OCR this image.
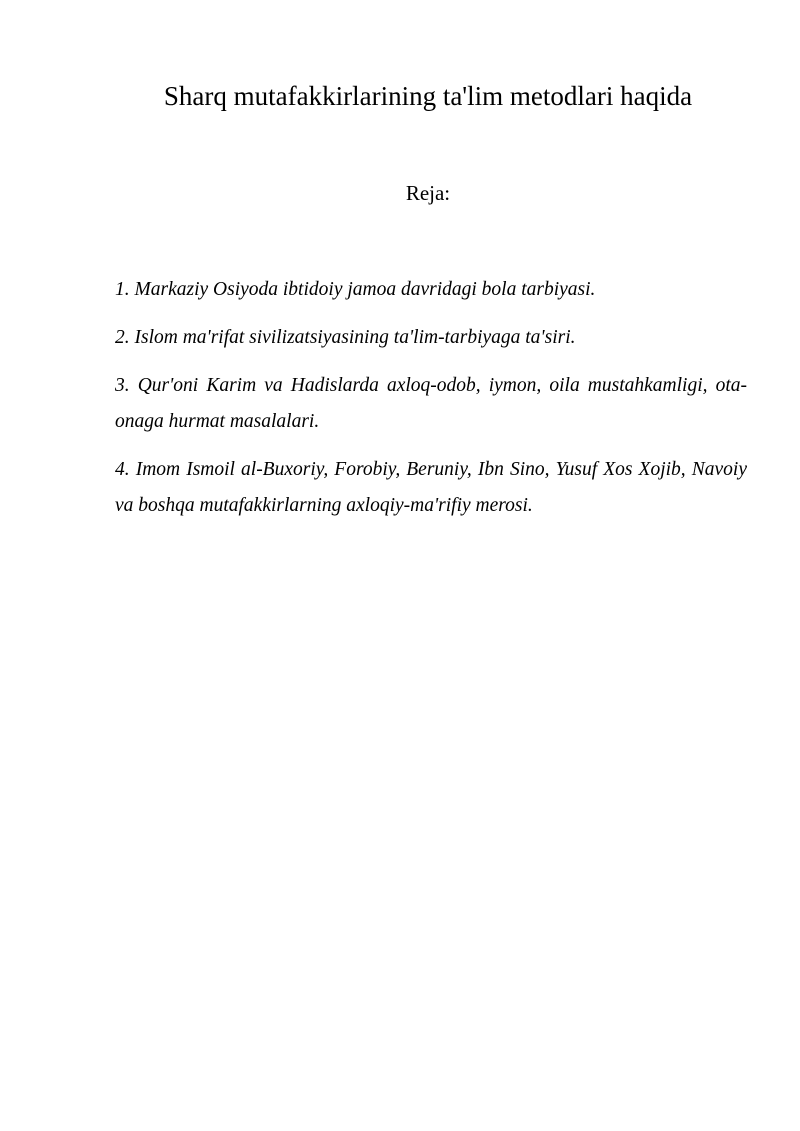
Sharq mutafakkirlarining ta'lim metodlari haqida
Reja:
1. Markaziy Osiyoda ibtidoiy jamoa davridagi bola tarbiyasi.
2. Islom ma'rifat sivilizatsiyasining ta'lim-tarbiyaga ta'siri.
3. Qur'oni Karim va Hadislarda axloq-odob, iymon, oila mustahkamligi, ota-onaga hurmat masalalari.
4. Imom Ismoil al-Buxoriy, Forobiy, Beruniy, Ibn Sino, Yusuf Xos Xojib, Navoiy va boshqa mutafakkirlarning axloqiy-ma'rifiy merosi.
